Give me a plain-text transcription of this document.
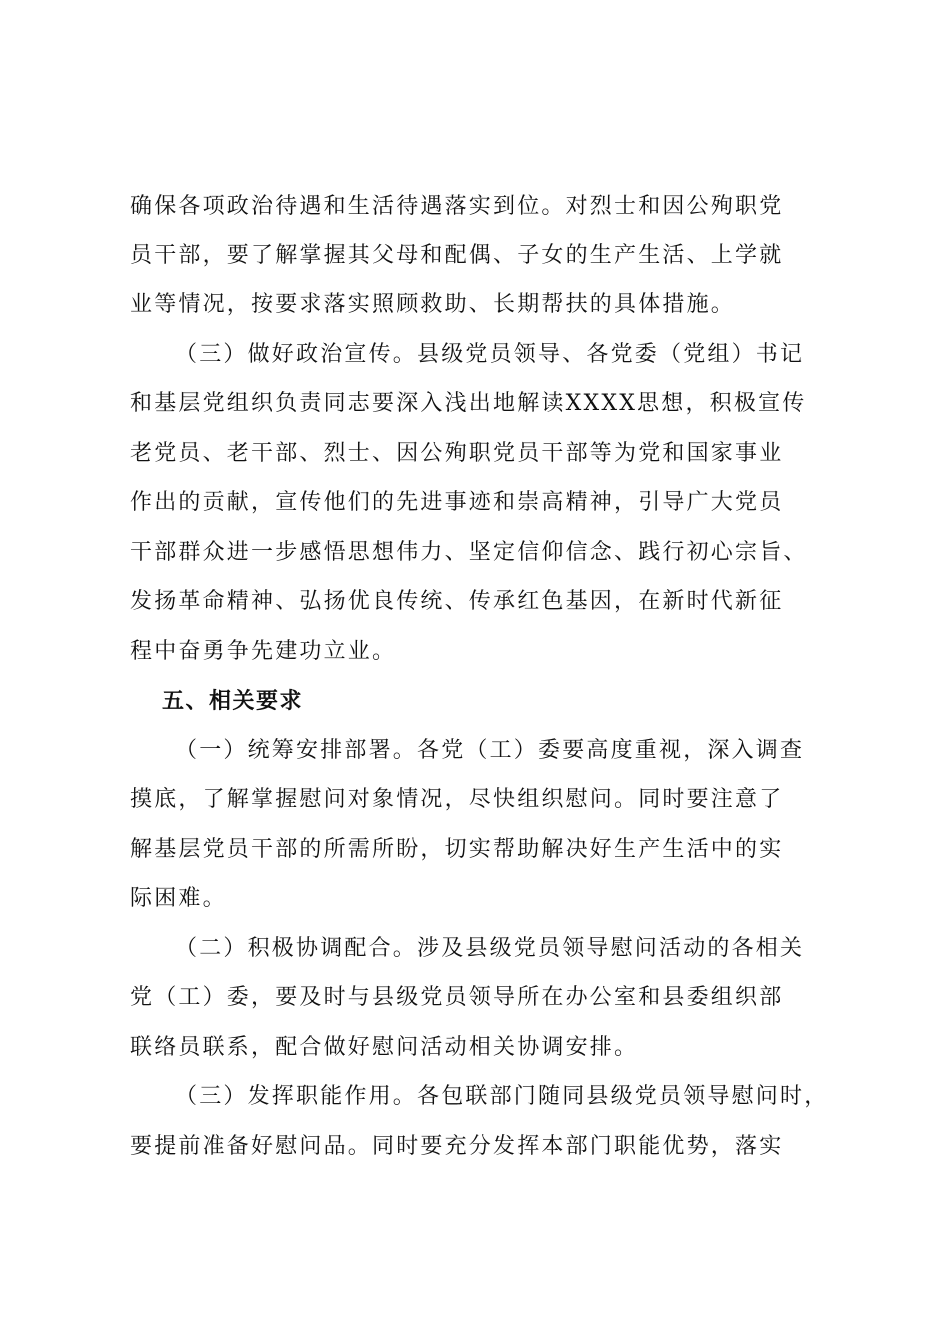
确保各项政治待遇和生活待遇落实到位。对烈士和因公殉职党
员干部，要了解掌握其父母和配偶、子女的生产生活、上学就
业等情况，按要求落实照顾救助、长期帮扶的具体措施。
（三）做好政治宣传。县级党员领导、各党委（党组）书记
和基层党组织负责同志要深入浅出地解读XXXX思想，积极宣传
老党员、老干部、烈士、因公殉职党员干部等为党和国家事业
作出的贡献，宣传他们的先进事迹和崇高精神，引导广大党员
干部群众进一步感悟思想伟力、坚定信仰信念、践行初心宗旨、
发扬革命精神、弘扬优良传统、传承红色基因，在新时代新征
程中奋勇争先建功立业。
五、相关要求
（一）统筹安排部署。各党（工）委要高度重视，深入调查
摸底，了解掌握慰问对象情况，尽快组织慰问。同时要注意了
解基层党员干部的所需所盼，切实帮助解决好生产生活中的实
际困难。
（二）积极协调配合。涉及县级党员领导慰问活动的各相关
党（工）委，要及时与县级党员领导所在办公室和县委组织部
联络员联系，配合做好慰问活动相关协调安排。
（三）发挥职能作用。各包联部门随同县级党员领导慰问时，
要提前准备好慰问品。同时要充分发挥本部门职能优势，落实
